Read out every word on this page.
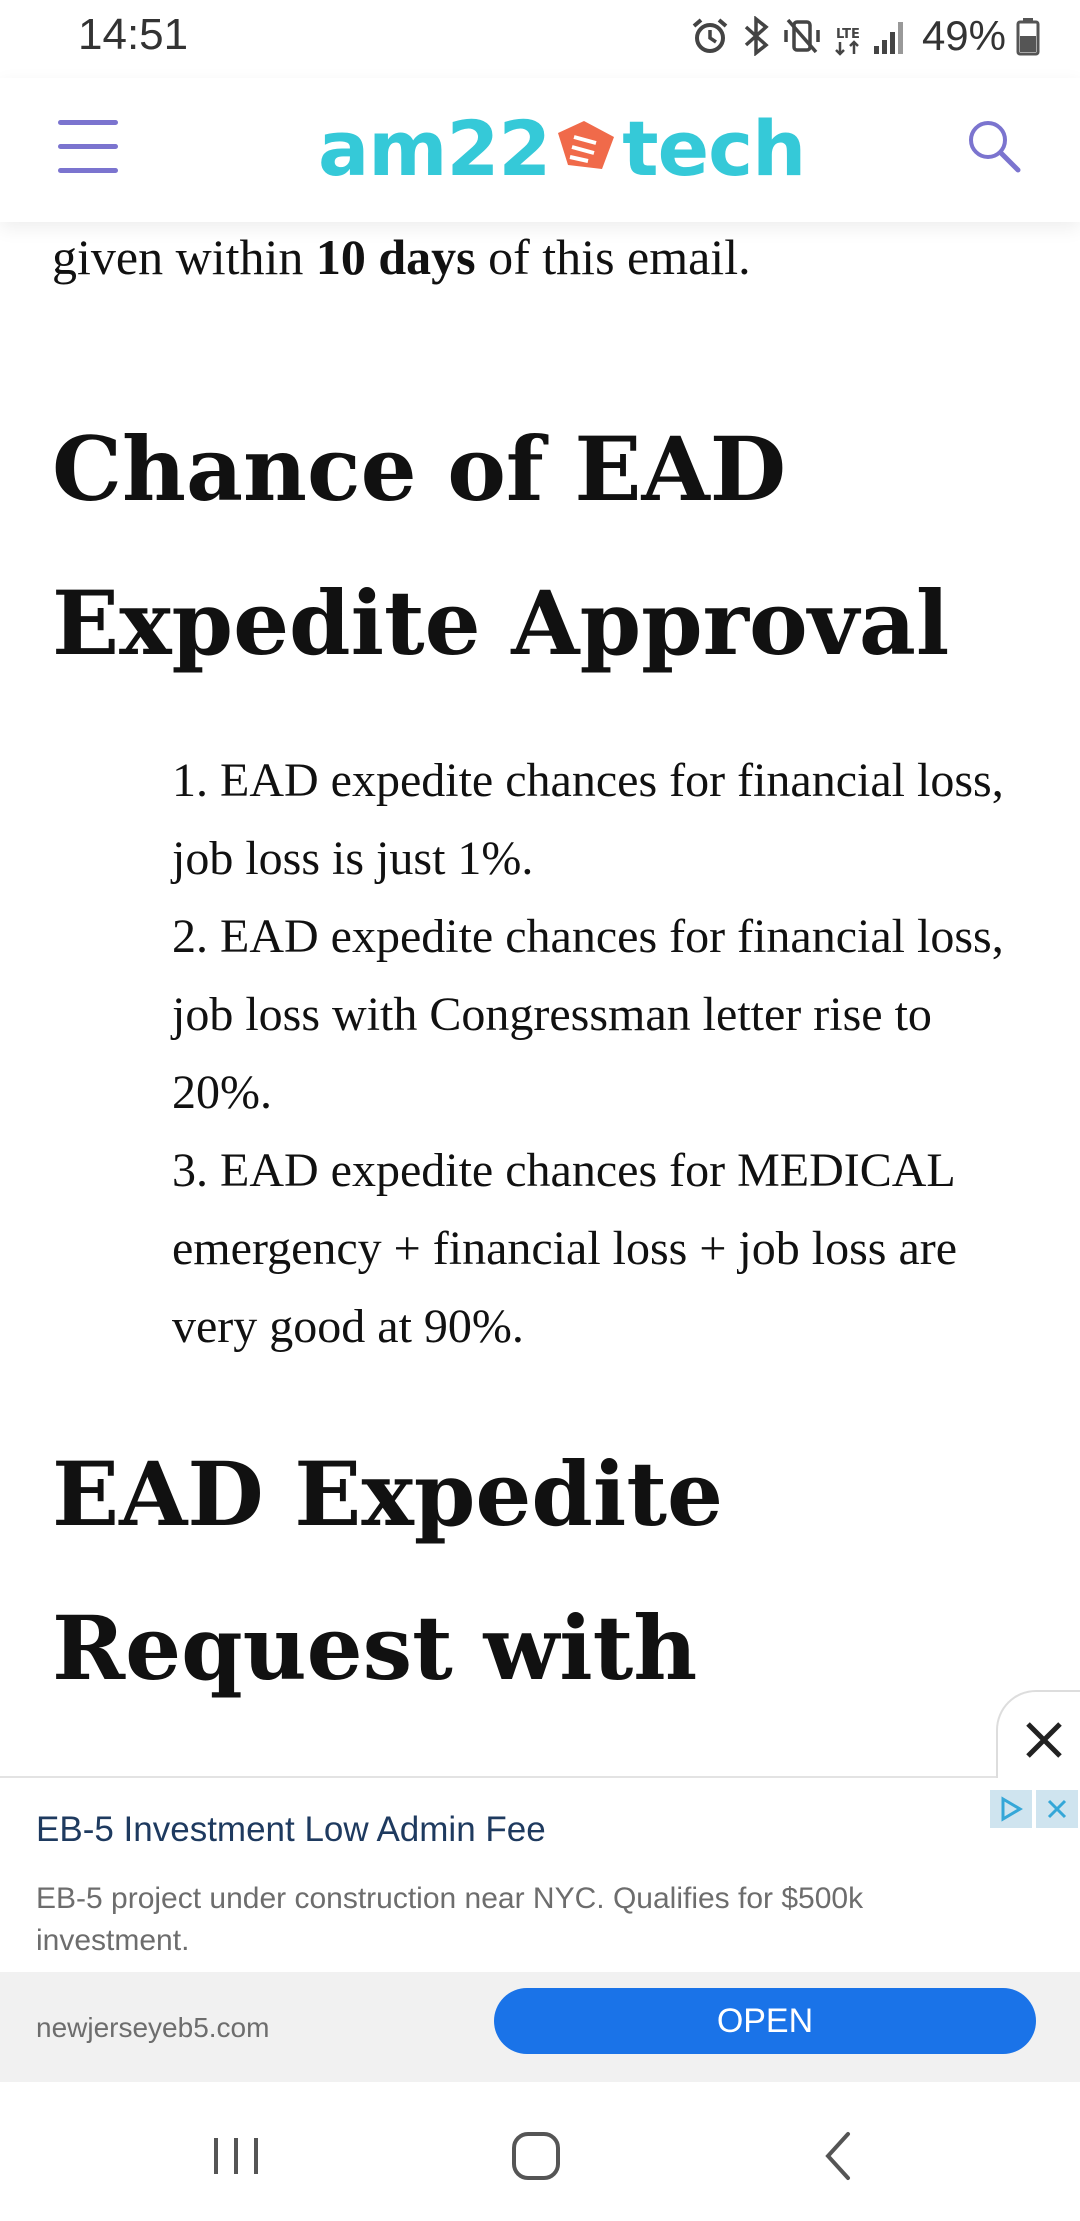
14:51	LTE 49%
am22 tech
given within 10 days of this email.
Chance of EAD
Expedite Approval
1. EAD expedite chances for financial loss, job loss is just 1%.
2. EAD expedite chances for financial loss, job loss with Congressman letter rise to 20%.
3. EAD expedite chances for MEDICAL emergency + financial loss + job loss are very good at 90%.
EAD Expedite
Request with
EB-5 Investment Low Admin Fee
EB-5 project under construction near NYC. Qualifies for $500k investment.
newjerseyeb5.com	OPEN
